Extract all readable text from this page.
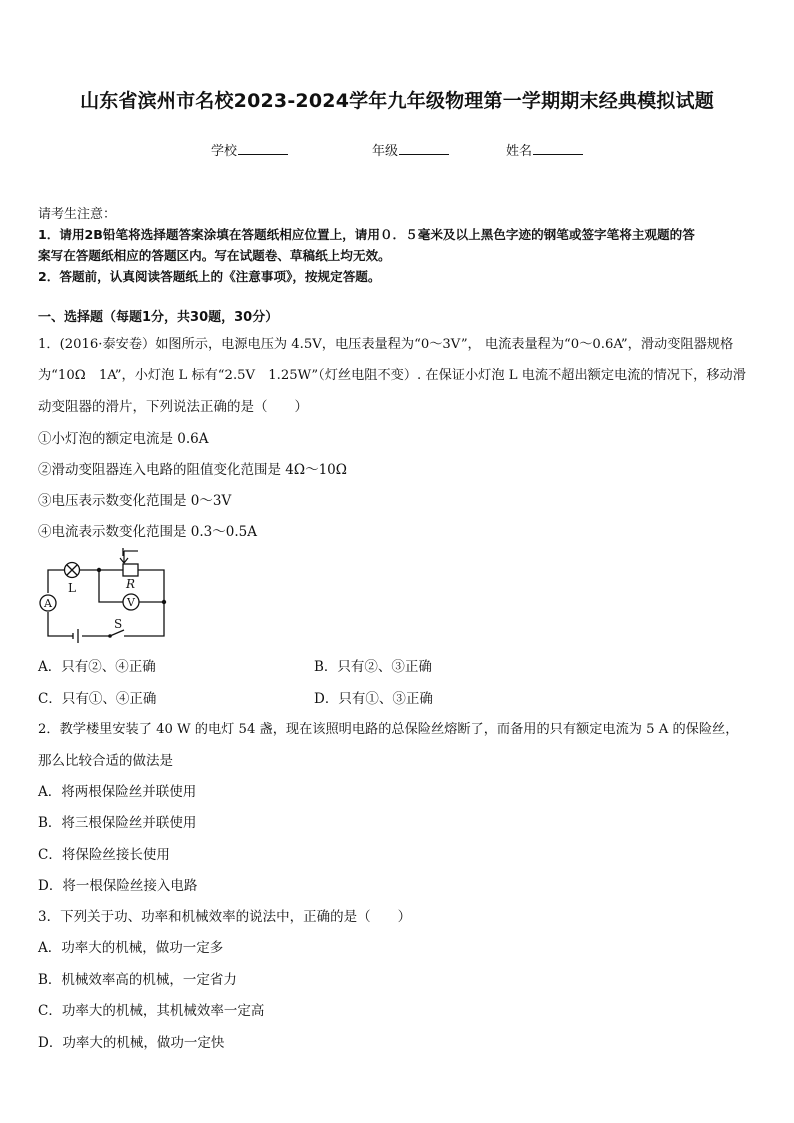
山东省滨州市名校2023-2024学年九年级物理第一学期期末经典模拟试题
学校	年级	姓名
请考生注意：
1．请用2B铅笔将选择题答案涂填在答题纸相应位置上，请用０．５毫米及以上黑色字迹的钢笔或签字笔将主观题的答
案写在答题纸相应的答题区内。写在试题卷、草稿纸上均无效。
2．答题前，认真阅读答题纸上的《注意事项》，按规定答题。
一、选择题（每题1分，共30题，30分）
1．(2016·泰安卷）如图所示，电源电压为 4.5V，电压表量程为“0～3V”， 电流表量程为“0～0.6A”，滑动变阻器规格
为“10Ω　1A”，小灯泡 L 标有“2.5V　1.25W”（灯丝电阻不变）. 在保证小灯泡 L 电流不超出额定电流的情况下，移动滑
动变阻器的滑片，下列说法正确的是（　　）
①小灯泡的额定电流是 0.6A
②滑动变阻器连入电路的阻值变化范围是 4Ω～10Ω
③电压表示数变化范围是 0～3V
④电流表示数变化范围是 0.3～0.5A
A	V
L	R
S
A．只有②、④正确	B．只有②、③正确
C．只有①、④正确	D．只有①、③正确
2．教学楼里安装了 40 W 的电灯 54 盏，现在该照明电路的总保险丝熔断了，而备用的只有额定电流为 5 A 的保险丝，
那么比较合适的做法是
A．将两根保险丝并联使用
B．将三根保险丝并联使用
C．将保险丝接长使用
D．将一根保险丝接入电路
3．下列关于功、功率和机械效率的说法中，正确的是（　　）
A．功率大的机械，做功一定多
B．机械效率高的机械，一定省力
C．功率大的机械，其机械效率一定高
D．功率大的机械，做功一定快
